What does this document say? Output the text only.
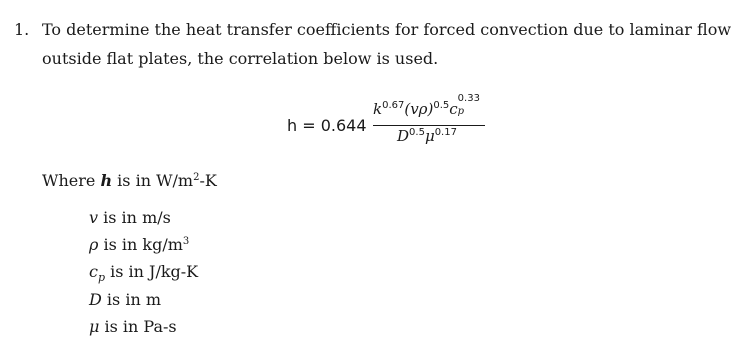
1. To determine the heat transfer coefficients for forced convection due to laminar flow
outside flat plates, the correlation below is used.
h = 0.644
$k^{0.67}(v\rho)^{0.5}c$
0.33
p
$D^{0.5}\mu^{0.17}$
Where h is in $W/m^2-K$
v is in m/s
ρ is in $kg/m^3$
$c_p$ is in J/kg-K
D is in m
μ is in Pa-s
